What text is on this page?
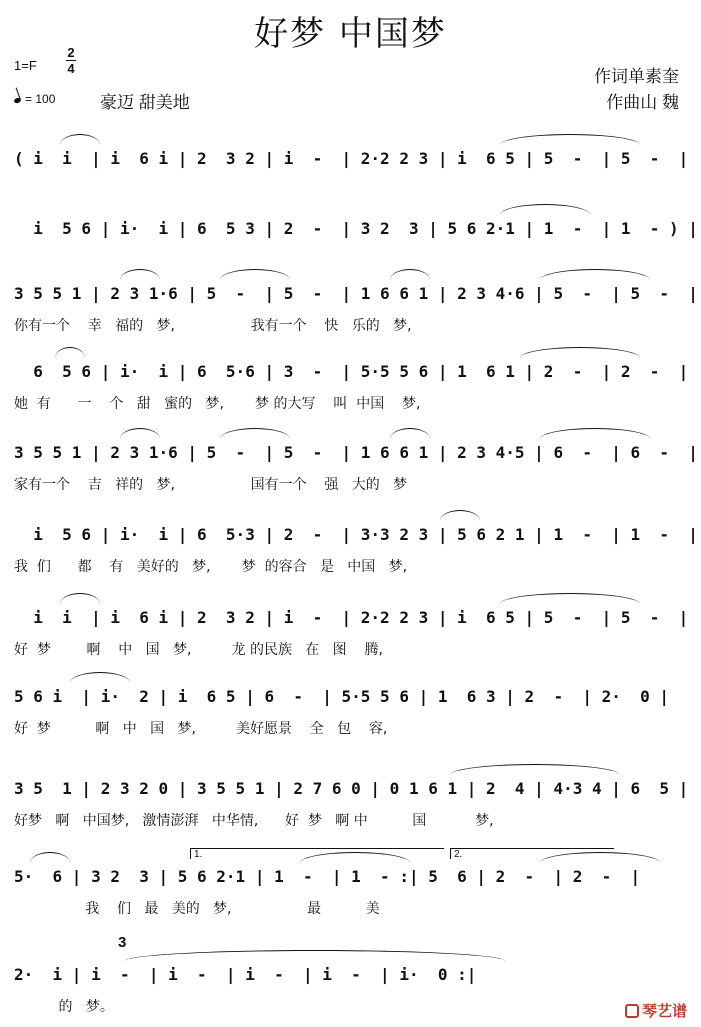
好梦 中国梦
1=F
2
4
= 100	豪迈 甜美地
作词单素奎
作曲山 魏
( i  i  | i  6 i | 2  3 2 | i  -  | 2·2 2 3 | i  6 5 | 5  -  | 5  -  |
i  5 6 | i·  i | 6  5 3 | 2  -  | 3 2  3 | 5 6 2·1 | 1  -  | 1  - ) |
3 5 5 1 | 2 3 1·6 | 5  -  | 5  -  | 1 6 6 1 | 2 3 4·6 | 5  -  | 5  -  |
你有一个    幸   福的   梦,                 我有一个    快   乐的   梦,
6  5 6 | i·  i | 6  5·6 | 3  -  | 5·5 5 6 | 1  6 1 | 2  -  | 2  -  |
她  有      一    个   甜   蜜的   梦,       梦 的大写    叫  中国    梦,
3 5 5 1 | 2 3 1·6 | 5  -  | 5  -  | 1 6 6 1 | 2 3 4·5 | 6  -  | 6  -  |
家有一个    吉   祥的   梦,                 国有一个    强   大的   梦
i  5 6 | i·  i | 6  5·3 | 2  -  | 3·3 2 3 | 5 6 2 1 | 1  -  | 1  -  |
我  们      都    有   美好的   梦,       梦  的容合   是   中国   梦,
i  i  | i  6 i | 2  3 2 | i  -  | 2·2 2 3 | i  6 5 | 5  -  | 5  -  |
好  梦        啊    中   国   梦,         龙 的民族   在   图    腾,
5 6 i  | i·  2 | i  6 5 | 6  -  | 5·5 5 6 | 1  6 3 | 2  -  | 2·  0 |
好  梦          啊   中   国   梦,         美好愿景    全   包    容,
3 5  1 | 2 3 2 0 | 3 5 5 1 | 2 7 6 0 | 0 1 6 1 | 2  4 | 4·3 4 | 6  5 |
好梦   啊   中国梦,   激情澎湃   中华情,      好  梦   啊 中          国           梦,
5·  6 | 3 2  3 | 5 6 2·1 | 1  -  | 1  - :| 5  6 | 2  -  | 2  -  |
我    们   最   美的   梦,                 最          美
2·  i | i  -  | i  -  | i  -  | i  -  | i·  0 :|
的   梦。	琴艺谱
1.	2.
3
